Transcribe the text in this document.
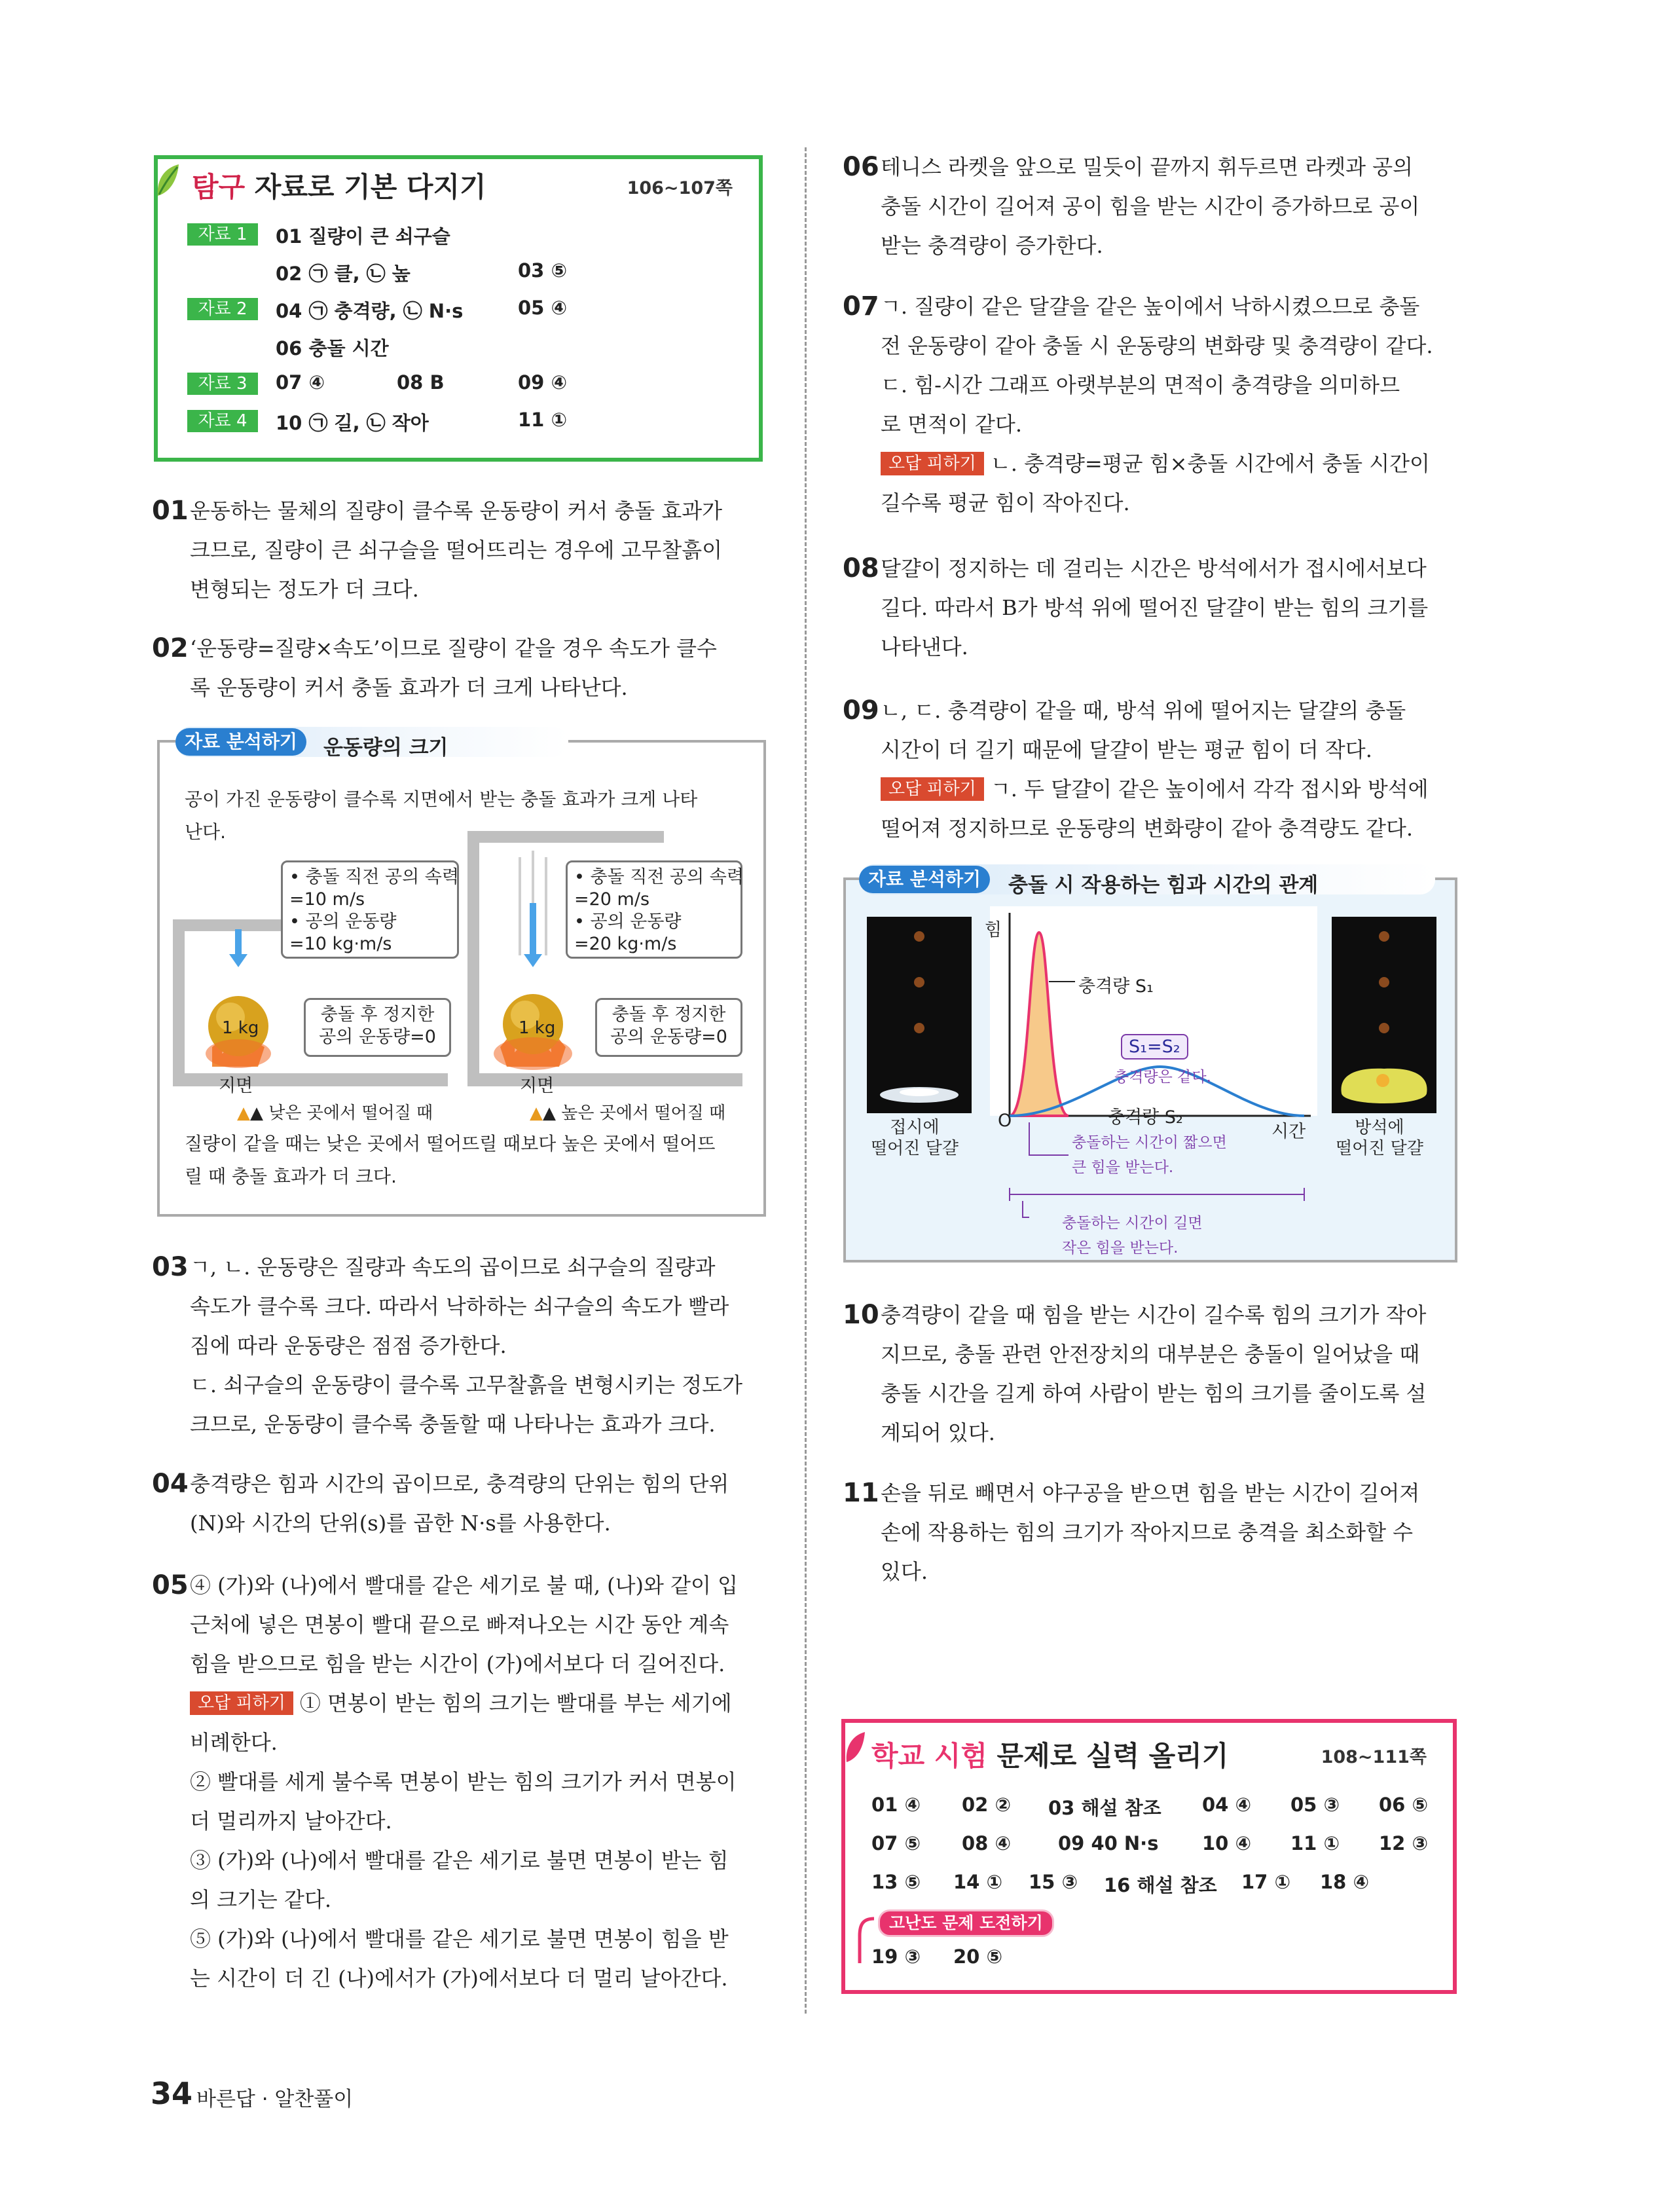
탐구 자료로 기본 다지기	106~107쪽
자료 1	01 질량이 큰 쇠구슬
02 ㉠ 클, ㉡ 높	03 ⑤
자료 2	04 ㉠ 충격량, ㉡ N·s	05 ④
06 충돌 시간
자료 3	07 ④	08 B	09 ④
자료 4	10 ㉠ 길, ㉡ 작아	11 ①
01 운동하는 물체의 질량이 클수록 운동량이 커서 충돌 효과가
크므로, 질량이 큰 쇠구슬을 떨어뜨리는 경우에 고무찰흙이
변형되는 정도가 더 크다.
02 ‘운동량=질량×속도’이므로 질량이 같을 경우 속도가 클수
록 운동량이 커서 충돌 효과가 더 크게 나타난다.
자료 분석하기	운동량의 크기
공이 가진 운동량이 클수록 지면에서 받는 충돌 효과가 크게 나타
난다.
1 kg
지면
• 충돌 직전 공의 속력
=10 m/s
• 공의 운동량
=10 kg·m/s
충돌 후 정지한
공의 운동량=0	1 kg
지면
• 충돌 직전 공의 속력
=20 m/s
• 공의 운동량
=20 kg·m/s
충돌 후 정지한
공의 운동량=0
▲▲ 낮은 곳에서 떨어질 때	▲▲ 높은 곳에서 떨어질 때
질량이 같을 때는 낮은 곳에서 떨어뜨릴 때보다 높은 곳에서 떨어뜨
릴 때 충돌 효과가 더 크다.
03 ㄱ, ㄴ. 운동량은 질량과 속도의 곱이므로 쇠구슬의 질량과
속도가 클수록 크다. 따라서 낙하하는 쇠구슬의 속도가 빨라
짐에 따라 운동량은 점점 증가한다.
ㄷ. 쇠구슬의 운동량이 클수록 고무찰흙을 변형시키는 정도가
크므로, 운동량이 클수록 충돌할 때 나타나는 효과가 크다.
04 충격량은 힘과 시간의 곱이므로, 충격량의 단위는 힘의 단위
(N)와 시간의 단위(s)를 곱한 N·s를 사용한다.
05 ④ (가)와 (나)에서 빨대를 같은 세기로 불 때, (나)와 같이 입
근처에 넣은 면봉이 빨대 끝으로 빠져나오는 시간 동안 계속
힘을 받으므로 힘을 받는 시간이 (가)에서보다 더 길어진다.
오답 피하기 ① 면봉이 받는 힘의 크기는 빨대를 부는 세기에
비례한다.
② 빨대를 세게 불수록 면봉이 받는 힘의 크기가 커서 면봉이
더 멀리까지 날아간다.
③ (가)와 (나)에서 빨대를 같은 세기로 불면 면봉이 받는 힘
의 크기는 같다.
⑤ (가)와 (나)에서 빨대를 같은 세기로 불면 면봉이 힘을 받
는 시간이 더 긴 (나)에서가 (가)에서보다 더 멀리 날아간다.
06 테니스 라켓을 앞으로 밀듯이 끝까지 휘두르면 라켓과 공의
충돌 시간이 길어져 공이 힘을 받는 시간이 증가하므로 공이
받는 충격량이 증가한다.
07 ㄱ. 질량이 같은 달걀을 같은 높이에서 낙하시켰으므로 충돌
전 운동량이 같아 충돌 시 운동량의 변화량 및 충격량이 같다.
ㄷ. 힘-시간 그래프 아랫부분의 면적이 충격량을 의미하므
로 면적이 같다.
오답 피하기 ㄴ. 충격량=평균 힘×충돌 시간에서 충돌 시간이
길수록 평균 힘이 작아진다.
08 달걀이 정지하는 데 걸리는 시간은 방석에서가 접시에서보다
길다. 따라서 B가 방석 위에 떨어진 달걀이 받는 힘의 크기를
나타낸다.
09 ㄴ, ㄷ. 충격량이 같을 때, 방석 위에 떨어지는 달걀의 충돌
시간이 더 길기 때문에 달걀이 받는 평균 힘이 더 작다.
오답 피하기 ㄱ. 두 달걀이 같은 높이에서 각각 접시와 방석에
떨어져 정지하므로 운동량의 변화량이 같아 충격량도 같다.
자료 분석하기	충돌 시 작용하는 힘과 시간의 관계
힘
O
시간
충격량 S₁
S₁=S₂
충격량은 같다.
충격량 S₂
충돌하는 시간이 짧으면
큰 힘을 받는다.
충돌하는 시간이 길면
작은 힘을 받는다.
접시에
떨어진 달걀
방석에
떨어진 달걀
10 충격량이 같을 때 힘을 받는 시간이 길수록 힘의 크기가 작아
지므로, 충돌 관련 안전장치의 대부분은 충돌이 일어났을 때
충돌 시간을 길게 하여 사람이 받는 힘의 크기를 줄이도록 설
계되어 있다.
11 손을 뒤로 빼면서 야구공을 받으면 힘을 받는 시간이 길어져
손에 작용하는 힘의 크기가 작아지므로 충격을 최소화할 수
있다.
학교 시험 문제로 실력 올리기	108~111쪽
01 ④ 02 ② 03 해설 참조 04 ④ 05 ③ 06 ⑤
07 ⑤ 08 ④ 09 40 N·s 10 ④ 11 ① 12 ③
13 ⑤ 14 ① 15 ③ 16 해설 참조 17 ① 18 ④
고난도 문제 도전하기
19 ③ 20 ⑤
34 바른답 · 알찬풀이
